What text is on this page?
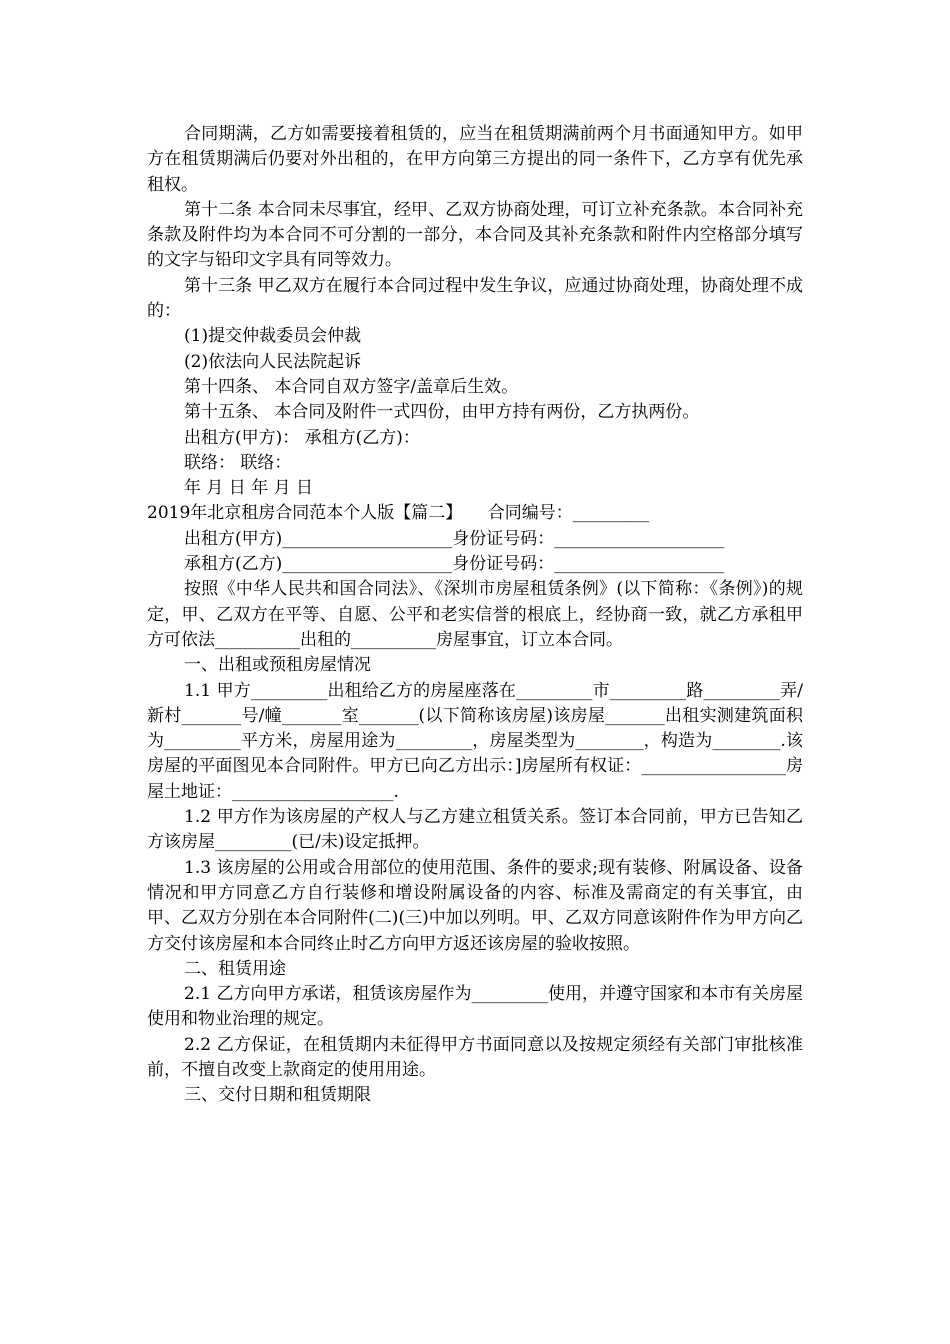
合同期满，乙方如需要接着租赁的，应当在租赁期满前两个月书面通知甲方。如甲方在租赁期满后仍要对外出租的，在甲方向第三方提出的同一条件下，乙方享有优先承租权。

第十二条 本合同未尽事宜，经甲、乙双方协商处理，可订立补充条款。本合同补充条款及附件均为本合同不可分割的一部分，本合同及其补充条款和附件内空格部分填写的文字与铅印文字具有同等效力。

第十三条 甲乙双方在履行本合同过程中发生争议，应通过协商处理，协商处理不成的：

(1)提交仲裁委员会仲裁

(2)依法向人民法院起诉

第十四条、 本合同自双方签字/盖章后生效。

第十五条、 本合同及附件一式四份，由甲方持有两份，乙方执两份。

出租方(甲方)： 承租方(乙方)：

联络： 联络：

年 月 日 年 月 日

2019年北京租房合同范本个人版【篇二】　　合同编号：_________

出租方(甲方)____________________身份证号码：____________________

承租方(乙方)____________________身份证号码：____________________

按照《中华人民共和国合同法》、《深圳市房屋租赁条例》(以下简称：《条例》)的规定，甲、乙双方在平等、自愿、公平和老实信誉的根底上，经协商一致，就乙方承租甲方可依法__________出租的__________房屋事宜，订立本合同。

一、出租或预租房屋情况

1.1 甲方_________出租给乙方的房屋座落在_________市_________路_________弄/新村_______号/幢_______室_______(以下简称该房屋)该房屋_______出租实测建筑面积为_________平方米，房屋用途为_________，房屋类型为________，构造为________.该房屋的平面图见本合同附件。甲方已向乙方出示：]房屋所有权证：_________________房屋土地证：___________________.

1.2 甲方作为该房屋的产权人与乙方建立租赁关系。签订本合同前，甲方已告知乙方该房屋_________(已/未)设定抵押。

1.3 该房屋的公用或合用部位的使用范围、条件的要求;现有装修、附属设备、设备情况和甲方同意乙方自行装修和增设附属设备的内容、标准及需商定的有关事宜，由甲、乙双方分别在本合同附件(二)(三)中加以列明。甲、乙双方同意该附件作为甲方向乙方交付该房屋和本合同终止时乙方向甲方返还该房屋的验收按照。

二、租赁用途

2.1 乙方向甲方承诺，租赁该房屋作为_________使用，并遵守国家和本市有关房屋使用和物业治理的规定。

2.2 乙方保证，在租赁期内未征得甲方书面同意以及按规定须经有关部门审批核准前，不擅自改变上款商定的使用用途。

三、交付日期和租赁期限
